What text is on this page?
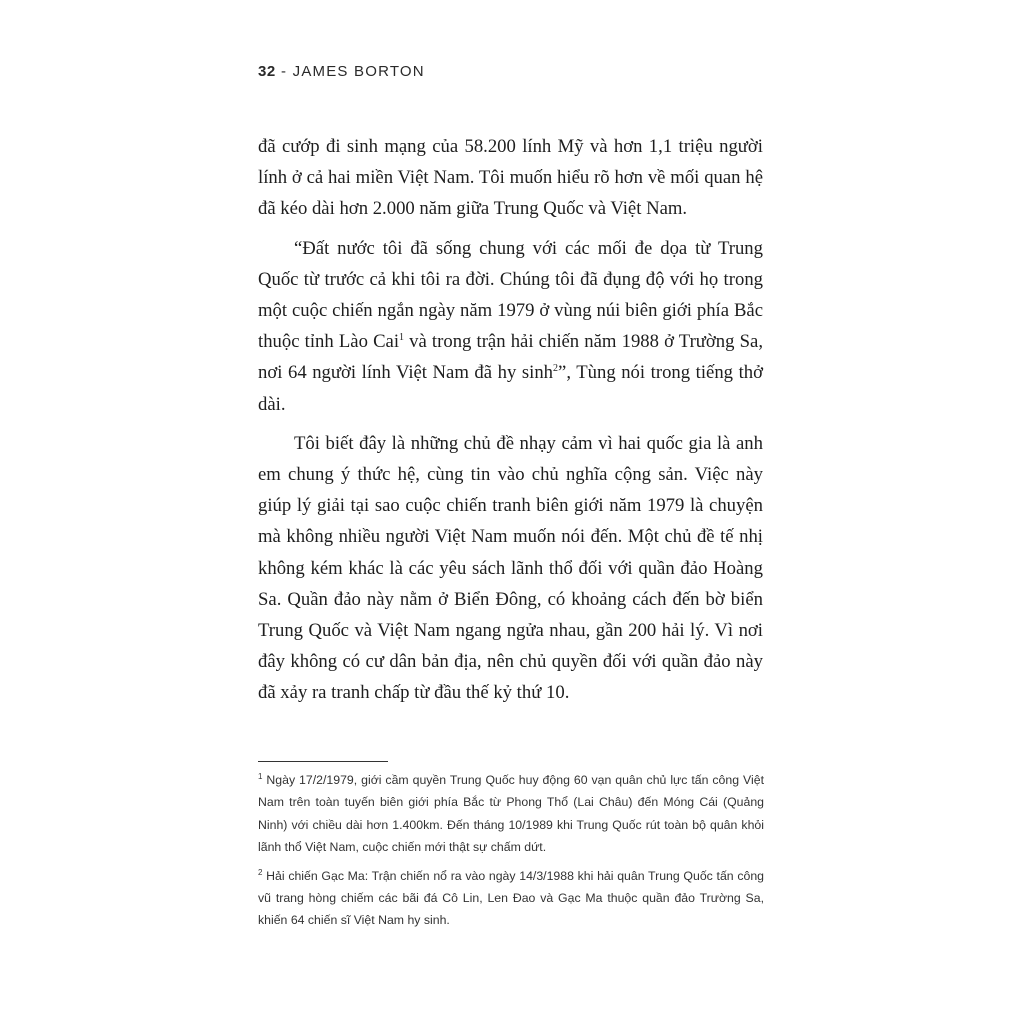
32 - JAMES BORTON

đã cướp đi sinh mạng của 58.200 lính Mỹ và hơn 1,1 triệu người lính ở cả hai miền Việt Nam. Tôi muốn hiểu rõ hơn về mối quan hệ đã kéo dài hơn 2.000 năm giữa Trung Quốc và Việt Nam.

“Đất nước tôi đã sống chung với các mối đe dọa từ Trung Quốc từ trước cả khi tôi ra đời. Chúng tôi đã đụng độ với họ trong một cuộc chiến ngắn ngày năm 1979 ở vùng núi biên giới phía Bắc thuộc tỉnh Lào Cai$^1$ và trong trận hải chiến năm 1988 ở Trường Sa, nơi 64 người lính Việt Nam đã hy $\sinh^2$”, Tùng nói trong tiếng thở dài.

Tôi biết đây là những chủ đề nhạy cảm vì hai quốc gia là anh em chung ý thức hệ, cùng tin vào chủ nghĩa cộng sản. Việc này giúp lý giải tại sao cuộc chiến tranh biên giới năm 1979 là chuyện mà không nhiều người Việt Nam muốn nói đến. Một chủ đề tế nhị không kém khác là các yêu sách lãnh thổ đối với quần đảo Hoàng Sa. Quần đảo này nằm ở Biển Đông, có khoảng cách đến bờ biển Trung Quốc và Việt Nam ngang ngửa nhau, gần 200 hải lý. Vì nơi đây không có cư dân bản địa, nên chủ quyền đối với quần đảo này đã xảy ra tranh chấp từ đầu thế kỷ thứ 10.

$^1$ Ngày 17/2/1979, giới cầm quyền Trung Quốc huy động 60 vạn quân chủ lực tấn công Việt Nam trên toàn tuyến biên giới phía Bắc từ Phong Thổ (Lai Châu) đến Móng Cái (Quảng Ninh) với chiều dài hơn 1.400km. Đến tháng 10/1989 khi Trung Quốc rút toàn bộ quân khỏi lãnh thổ Việt Nam, cuộc chiến mới thật sự chấm dứt.

$^2$ Hải chiến Gạc Ma: Trận chiến nổ ra vào ngày 14/3/1988 khi hải quân Trung Quốc tấn công vũ trang hòng chiếm các bãi đá Cô Lin, Len Đao và Gạc Ma thuộc quần đảo Trường Sa, khiến 64 chiến sĩ Việt Nam hy sinh.
